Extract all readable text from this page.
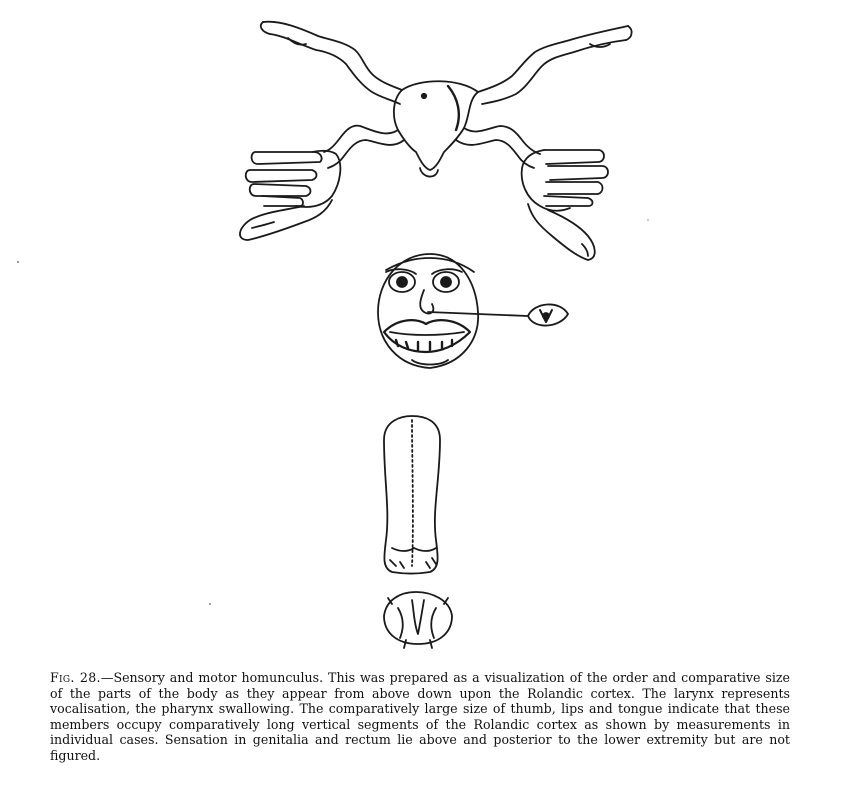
Fig. 28.—Sensory and motor homunculus. This was prepared as a visualization of the order and comparative size of the parts of the body as they appear from above down upon the Rolandic cortex. The larynx represents vocalisation, the pharynx swallowing. The comparatively large size of thumb, lips and tongue indicate that these members occupy comparatively long vertical segments of the Rolandic cortex as shown by measurements in individual cases. Sensation in genitalia and rectum lie above and posterior to the lower extremity but are not figured.
